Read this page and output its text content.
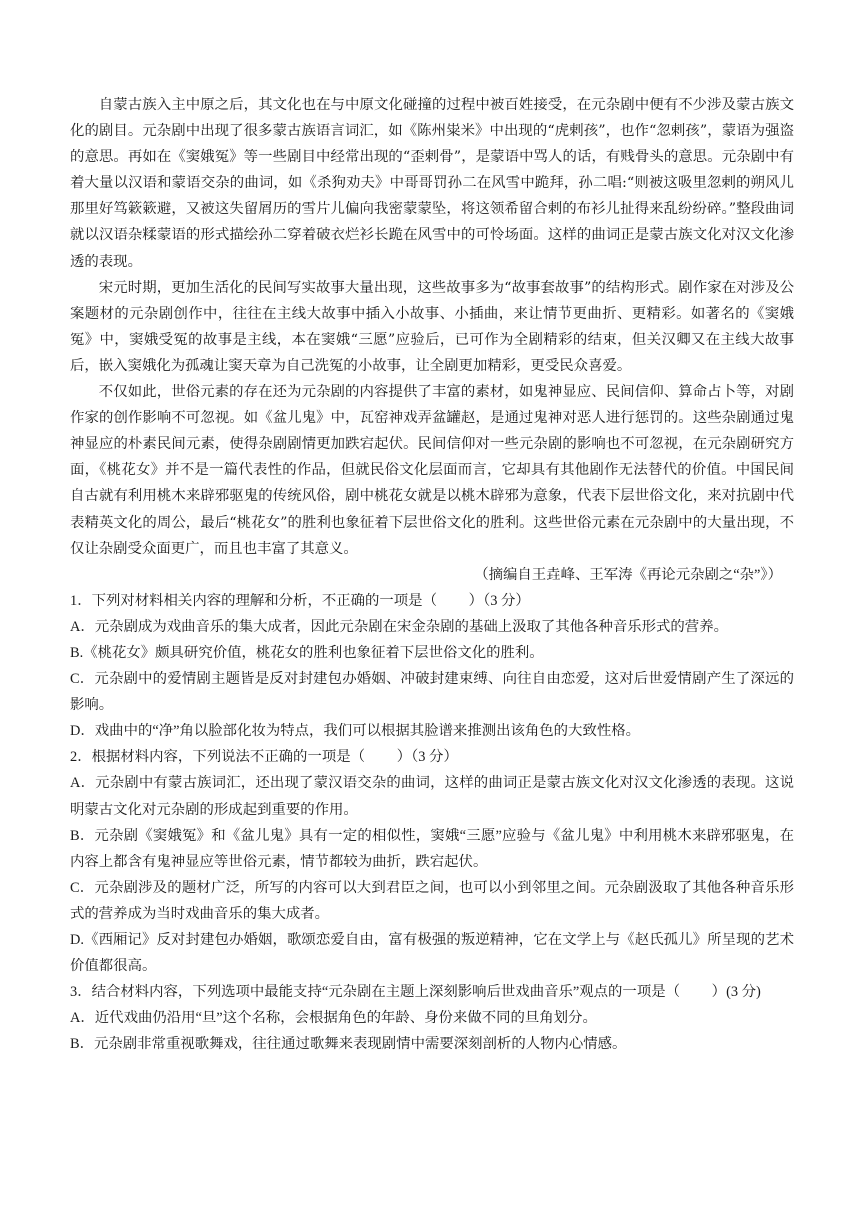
自蒙古族入主中原之后，其文化也在与中原文化碰撞的过程中被百姓接受，在元杂剧中便有不少涉及蒙古族文化的剧目。元杂剧中出现了很多蒙古族语言词汇，如《陈州粜米》中出现的“虎剌孩”，也作“忽剌孩”，蒙语为强盗的意思。再如在《窦娥冤》等一些剧目中经常出现的“歪剌骨”，是蒙语中骂人的话，有贱骨头的意思。元杂剧中有着大量以汉语和蒙语交杂的曲词，如《杀狗劝夫》中哥哥罚孙二在风雪中跪拜，孙二唱:“则被这吸里忽剌的朔风儿那里好笃簌簌避，又被这失留屑历的雪片儿偏向我密蒙蒙坠，将这领希留合剌的布衫儿扯得来乱纷纷碎。”整段曲词就以汉语杂糅蒙语的形式描绘孙二穿着破衣烂衫长跪在风雪中的可怜场面。这样的曲词正是蒙古族文化对汉文化渗透的表现。

宋元时期，更加生活化的民间写实故事大量出现，这些故事多为“故事套故事”的结构形式。剧作家在对涉及公案题材的元杂剧创作中，往往在主线大故事中插入小故事、小插曲，来让情节更曲折、更精彩。如著名的《窦娥冤》中，窦娥受冤的故事是主线，本在窦娥“三愿”应验后，已可作为全剧精彩的结束，但关汉卿又在主线大故事后，嵌入窦娥化为孤魂让窦天章为自己洗冤的小故事，让全剧更加精彩，更受民众喜爱。

不仅如此，世俗元素的存在还为元杂剧的内容提供了丰富的素材，如鬼神显应、民间信仰、算命占卜等，对剧作家的创作影响不可忽视。如《盆儿鬼》中，瓦窑神戏弄盆罐赵，是通过鬼神对恶人进行惩罚的。这些杂剧通过鬼神显应的朴素民间元素，使得杂剧剧情更加跌宕起伏。民间信仰对一些元杂剧的影响也不可忽视，在元杂剧研究方面，《桃花女》并不是一篇代表性的作品，但就民俗文化层面而言，它却具有其他剧作无法替代的价值。中国民间自古就有利用桃木来辟邪驱鬼的传统风俗，剧中桃花女就是以桃木辟邪为意象，代表下层世俗文化，来对抗剧中代表精英文化的周公，最后“桃花女”的胜利也象征着下层世俗文化的胜利。这些世俗元素在元杂剧中的大量出现，不仅让杂剧受众面更广，而且也丰富了其意义。

（摘编自王垚峰、王军涛《再论元杂剧之“杂”》）

1．下列对材料相关内容的理解和分析，不正确的一项是（ ）（3 分）

A．元杂剧成为戏曲音乐的集大成者，因此元杂剧在宋金杂剧的基础上汲取了其他各种音乐形式的营养。

B.《桃花女》颇具研究价值，桃花女的胜利也象征着下层世俗文化的胜利。

C．元杂剧中的爱情剧主题皆是反对封建包办婚姻、冲破封建束缚、向往自由恋爱，这对后世爱情剧产生了深远的影响。

D．戏曲中的“净”角以脸部化妆为特点，我们可以根据其脸谱来推测出该角色的大致性格。

2．根据材料内容，下列说法不正确的一项是（ ）（3 分）

A．元杂剧中有蒙古族词汇，还出现了蒙汉语交杂的曲词，这样的曲词正是蒙古族文化对汉文化渗透的表现。这说明蒙古文化对元杂剧的形成起到重要的作用。

B．元杂剧《窦娥冤》和《盆儿鬼》具有一定的相似性，窦娥“三愿”应验与《盆儿鬼》中利用桃木来辟邪驱鬼，在内容上都含有鬼神显应等世俗元素，情节都较为曲折，跌宕起伏。

C．元杂剧涉及的题材广泛，所写的内容可以大到君臣之间，也可以小到邻里之间。元杂剧汲取了其他各种音乐形式的营养成为当时戏曲音乐的集大成者。

D.《西厢记》反对封建包办婚姻，歌颂恋爱自由，富有极强的叛逆精神，它在文学上与《赵氏孤儿》所呈现的艺术价值都很高。

3．结合材料内容，下列选项中最能支持“元杂剧在主题上深刻影响后世戏曲音乐”观点的一项是（ ）(3 分)

A．近代戏曲仍沿用“旦”这个名称，会根据角色的年龄、身份来做不同的旦角划分。

B．元杂剧非常重视歌舞戏，往往通过歌舞来表现剧情中需要深刻剖析的人物内心情感。
